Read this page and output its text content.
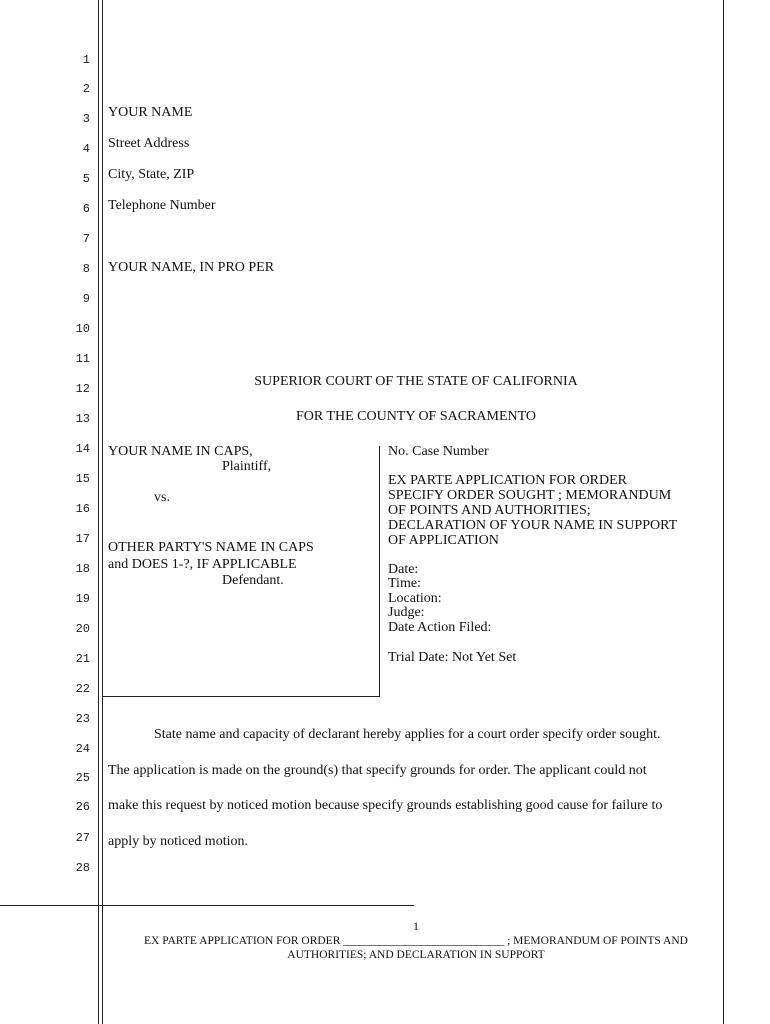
1
2
3
4
5
6
7
8
9
10
11
12
13
14
15
16
17
18
19
20
21
22
23
24
25
26
27
28
YOUR NAME
Street Address
City, State, ZIP
Telephone Number
YOUR NAME, IN PRO PER
SUPERIOR COURT OF THE STATE OF CALIFORNIA
FOR THE COUNTY OF SACRAMENTO
YOUR NAME IN CAPS,
Plaintiff,
vs.
OTHER PARTY'S NAME IN CAPS
and DOES 1-?, IF APPLICABLE
Defendant.
No. Case Number
EX PARTE APPLICATION FOR ORDER
SPECIFY ORDER SOUGHT ; MEMORANDUM
OF POINTS AND AUTHORITIES;
DECLARATION OF YOUR NAME IN SUPPORT
OF APPLICATION
Date:
Time:
Location:
Judge:
Date Action Filed:
Trial Date: Not Yet Set
State name and capacity of declarant hereby applies for a court order specify order sought.
The application is made on the ground(s) that specify grounds for order. The applicant could not
make this request by noticed motion because specify grounds establishing good cause for failure to
apply by noticed motion.
1
EX PARTE APPLICATION FOR ORDER ____________________________ ; MEMORANDUM OF POINTS AND
AUTHORITIES; AND DECLARATION IN SUPPORT
